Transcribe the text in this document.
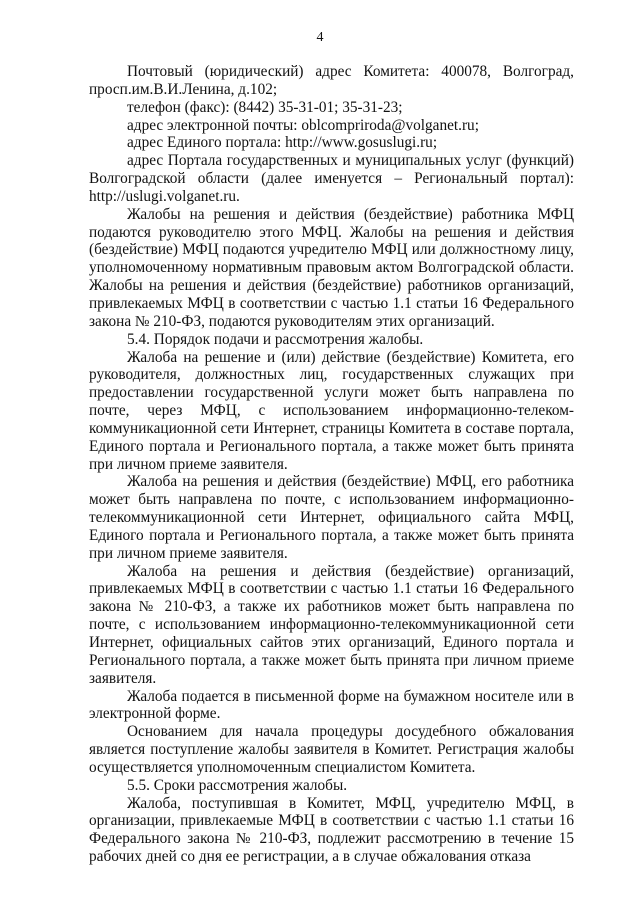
4

Почтовый (юридический) адрес Комитета: 400078, Волгоград, просп.им.В.И.Ленина, д.102;

телефон (факс): (8442) 35-31-01; 35-31-23;

адрес электронной почты: oblcompriroda@volganet.ru;

адрес Единого портала: http://www.gosuslugi.ru;

адрес Портала государственных и муниципальных услуг (функций) Волгоградской области (далее именуется – Региональный портал): http://uslugi.volganet.ru.

Жалобы на решения и действия (бездействие) работника МФЦ подаются руководителю этого МФЦ. Жалобы на решения и действия (бездействие) МФЦ подаются учредителю МФЦ или должностному лицу, уполномоченному нормативным правовым актом Волгоградской области. Жалобы на решения и действия (бездействие) работников организаций, привлекаемых МФЦ в соответствии с частью 1.1 статьи 16 Федерального закона № 210-ФЗ, подаются руководителям этих организаций.

5.4. Порядок подачи и рассмотрения жалобы.

Жалоба на решение и (или) действие (бездействие) Комитета, его руководителя, должностных лиц, государственных служащих при предоставлении государственной услуги может быть направлена по почте, через МФЦ, с использованием информационно-телеком-коммуникационной сети Интернет, страницы Комитета в составе портала, Единого портала и Регионального портала, а также может быть принята при личном приеме заявителя.

Жалоба на решения и действия (бездействие) МФЦ, его работника может быть направлена по почте, с использованием информационно-телекоммуникационной сети Интернет, официального сайта МФЦ, Единого портала и Регионального портала, а также может быть принята при личном приеме заявителя.

Жалоба на решения и действия (бездействие) организаций, привлекаемых МФЦ в соответствии с частью 1.1 статьи 16 Федерального закона № 210-ФЗ, а также их работников может быть направлена по почте, с использованием информационно-телекоммуникационной сети Интернет, официальных сайтов этих организаций, Единого портала и Регионального портала, а также может быть принята при личном приеме заявителя.

Жалоба подается в письменной форме на бумажном носителе или в электронной форме.

Основанием для начала процедуры досудебного обжалования является поступление жалобы заявителя в Комитет. Регистрация жалобы осуществляется уполномоченным специалистом Комитета.

5.5. Сроки рассмотрения жалобы.

Жалоба, поступившая в Комитет, МФЦ, учредителю МФЦ, в организации, привлекаемые МФЦ в соответствии с частью 1.1 статьи 16 Федерального закона № 210-ФЗ, подлежит рассмотрению в течение 15 рабочих дней со дня ее регистрации, а в случае обжалования отказа
